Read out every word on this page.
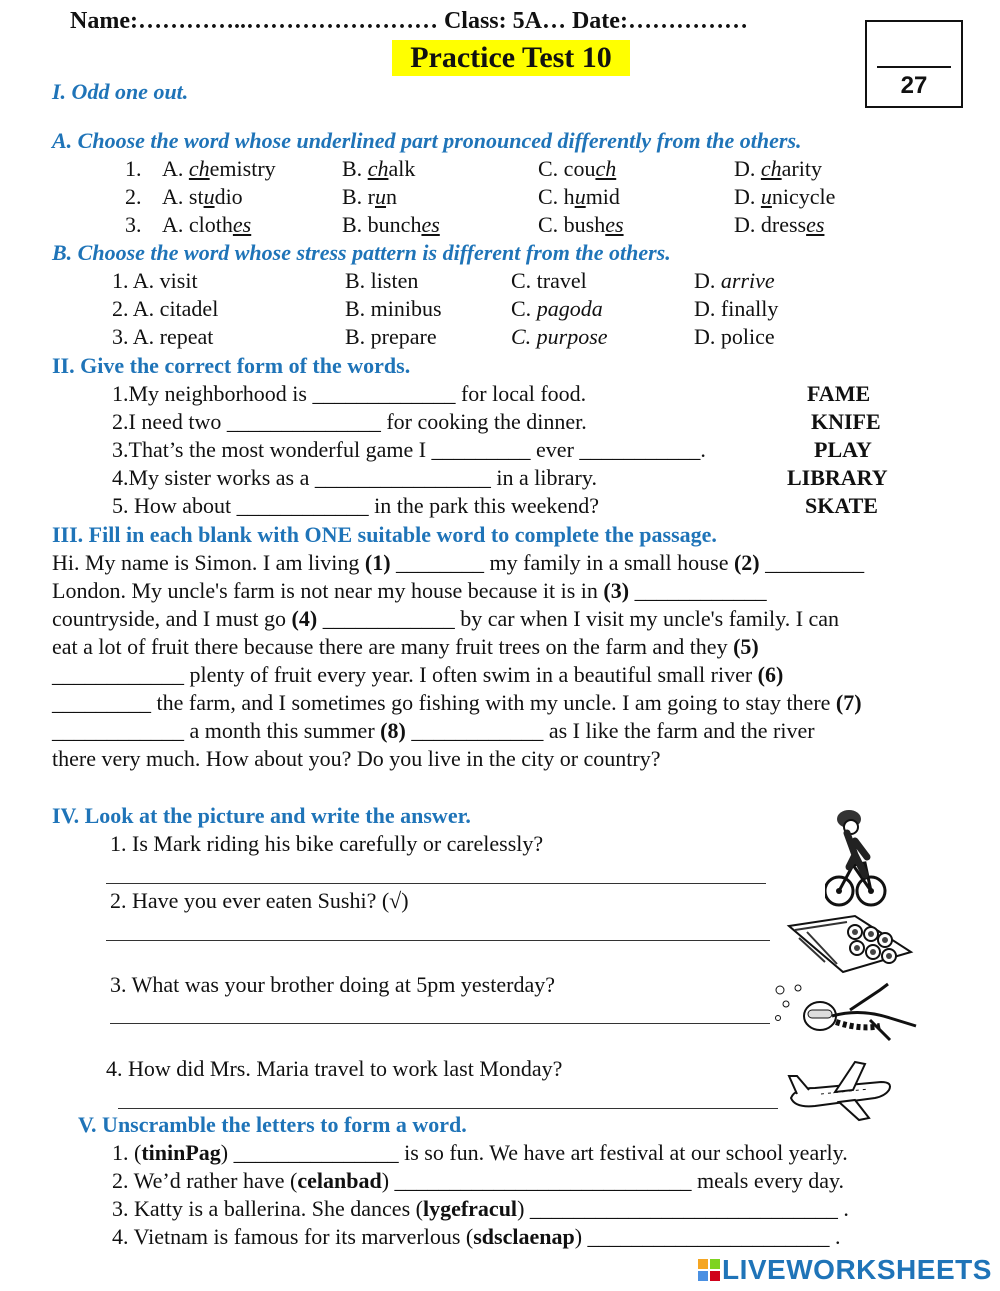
Name:…………..…………………… Class: 5A… Date:……………
Practice Test 10
27
I. Odd one out.
A. Choose the word whose underlined part pronounced differently from the others.
1. A. chemistry	B. chalk	C. couch	D. charity
2. A. studio	B. run	C. humid	D. unicycle
3. A. clothes	B. bunches	C. bushes	D. dresses
B. Choose the word whose stress pattern is different from the others.
1. A. visit	B. listen	C. travel	D. arrive
2. A. citadel	B. minibus	C. pagoda	D. finally
3. A. repeat	B. prepare	C. purpose	D. police
II. Give the correct form of the words.
1.My neighborhood is _____________ for local food.	FAME
2.I need two ______________ for cooking the dinner.	KNIFE
3.That’s the most wonderful game I _________ ever ___________.	PLAY
4.My sister works as a ________________ in a library.	LIBRARY
5. How about ____________ in the park this weekend?	SKATE
III. Fill in each blank with ONE suitable word to complete the passage.
Hi. My name is Simon. I am living (1) ________ my family in a small house (2) _________
London. My uncle's farm is not near my house because it is in (3) ____________
countryside, and I must go (4) ____________ by car when I visit my uncle's family. I can
eat a lot of fruit there because there are many fruit trees on the farm and they (5)
____________ plenty of fruit every year. I often swim in a beautiful small river (6)
_________ the farm, and I sometimes go fishing with my uncle. I am going to stay there (7)
____________ a month this summer (8) ____________ as I like the farm and the river
there very much. How about you? Do you live in the city or country?
IV. Look at the picture and write the answer.
1. Is Mark riding his bike carefully or carelessly?
2. Have you ever eaten Sushi? (√)
3. What was your brother doing at 5pm yesterday?
4. How did Mrs. Maria travel to work last Monday?
V. Unscramble the letters to form a word.
1. (tininPag) _______________ is so fun. We have art festival at our school yearly.
2. We’d rather have (celanbad) ___________________________ meals every day.
3. Katty is a ballerina. She dances (lygefracul) ____________________________ .
4. Vietnam is famous for its marverlous (sdsclaenap) ______________________ .
LIVEWORKSHEETS
